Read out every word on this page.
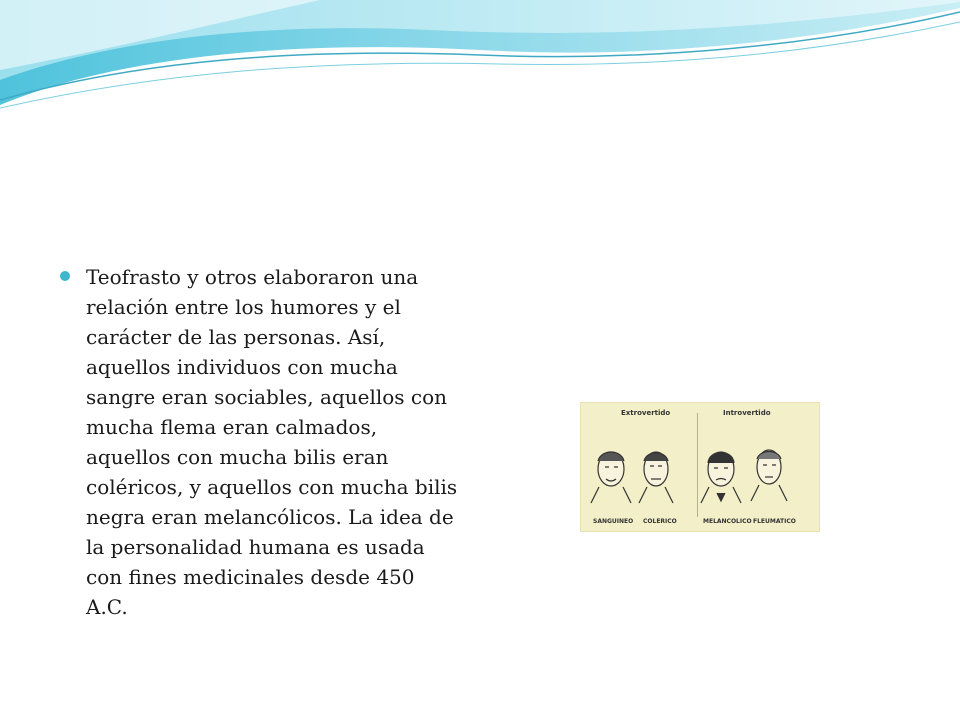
Teofrasto y otros elaboraron una relación entre los humores y el carácter de las personas. Así, aquellos individuos con mucha sangre eran sociables, aquellos con mucha flema eran calmados, aquellos con mucha bilis eran coléricos, y aquellos con mucha bilis negra eran melancólicos. La idea de la personalidad humana es usada con fines medicinales desde 450 A.C.
Extrovertido	Introvertido
SANGUINEO COLERICO	MELANCOLICO FLEUMATICO
